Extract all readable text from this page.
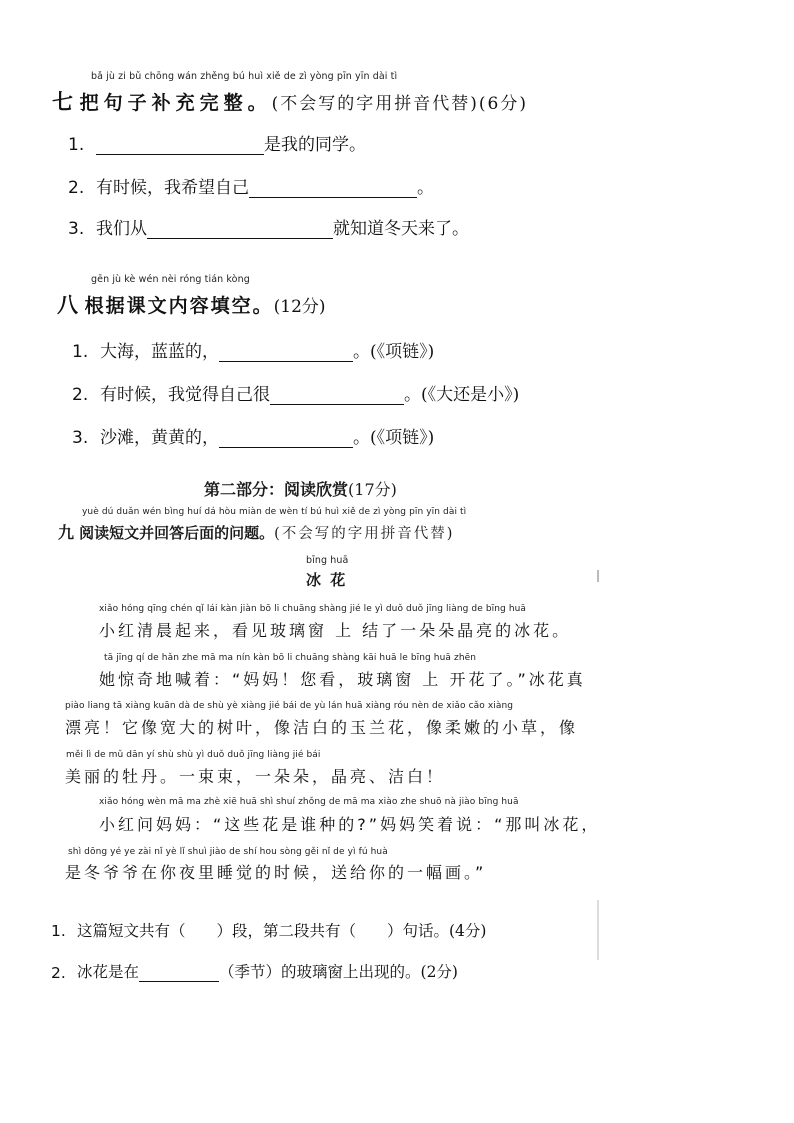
bǎ jù zi bǔ chōng wán zhěng bú huì xiě de zì yòng pīn yīn dài tì
七 把句子补充完整。(不会写的字用拼音代替)(6分)
1.	是我的同学。
2. 有时候，我希望自己	。
3. 我们从	就知道冬天来了。
gēn jù kè wén nèi róng tián kòng
八 根据课文内容填空。(12分)
1. 大海，蓝蓝的，	。(《项链》)
2. 有时候，我觉得自己很	。(《大还是小》)
3. 沙滩，黄黄的，	。(《项链》)
第二部分：阅读欣赏(17分)
yuè dú duǎn wén bìng huí dá hòu miàn de wèn tí bú huì xiě de zì yòng pīn yīn dài tì
九 阅读短文并回答后面的问题。(不会写的字用拼音代替)
bīng huā
冰 花
xiǎo hóng qīng chén qǐ lái kàn jiàn bō li chuāng shàng jié le yì duǒ duǒ jīng liàng de bīng huā
小红清晨起来，看见玻璃窗 上 结了一朵朵晶亮的冰花。
tā jīng qí de hǎn zhe mā ma nín kàn bō li chuāng shàng kāi huā le bīng huā zhēn
她惊奇地喊着：“妈妈！您看，玻璃窗 上 开花了。”冰花真
piào liang tā xiàng kuān dà de shù yè xiàng jié bái de yù lán huā xiàng róu nèn de xiǎo cǎo xiàng
漂亮！它像宽大的树叶，像洁白的玉兰花，像柔嫩的小草，像
měi lì de mǔ dān yí shù shù yì duǒ duǒ jīng liàng jié bái
美丽的牡丹。一束束，一朵朵，晶亮、洁白！
xiǎo hóng wèn mā ma zhè xiē huā shì shuí zhǒng de mā ma xiào zhe shuō nà jiào bīng huā
小红问妈妈：“这些花是谁种的?”妈妈笑着说：“那叫冰花，
shì dōng yé ye zài nǐ yè lǐ shuì jiào de shí hou sòng gěi nǐ de yì fú huà
是冬爷爷在你夜里睡觉的时候，送给你的一幅画。”
1. 这篇短文共有（　　）段，第二段共有（　　）句话。(4分)
2. 冰花是在	（季节）的玻璃窗上出现的。(2分)
